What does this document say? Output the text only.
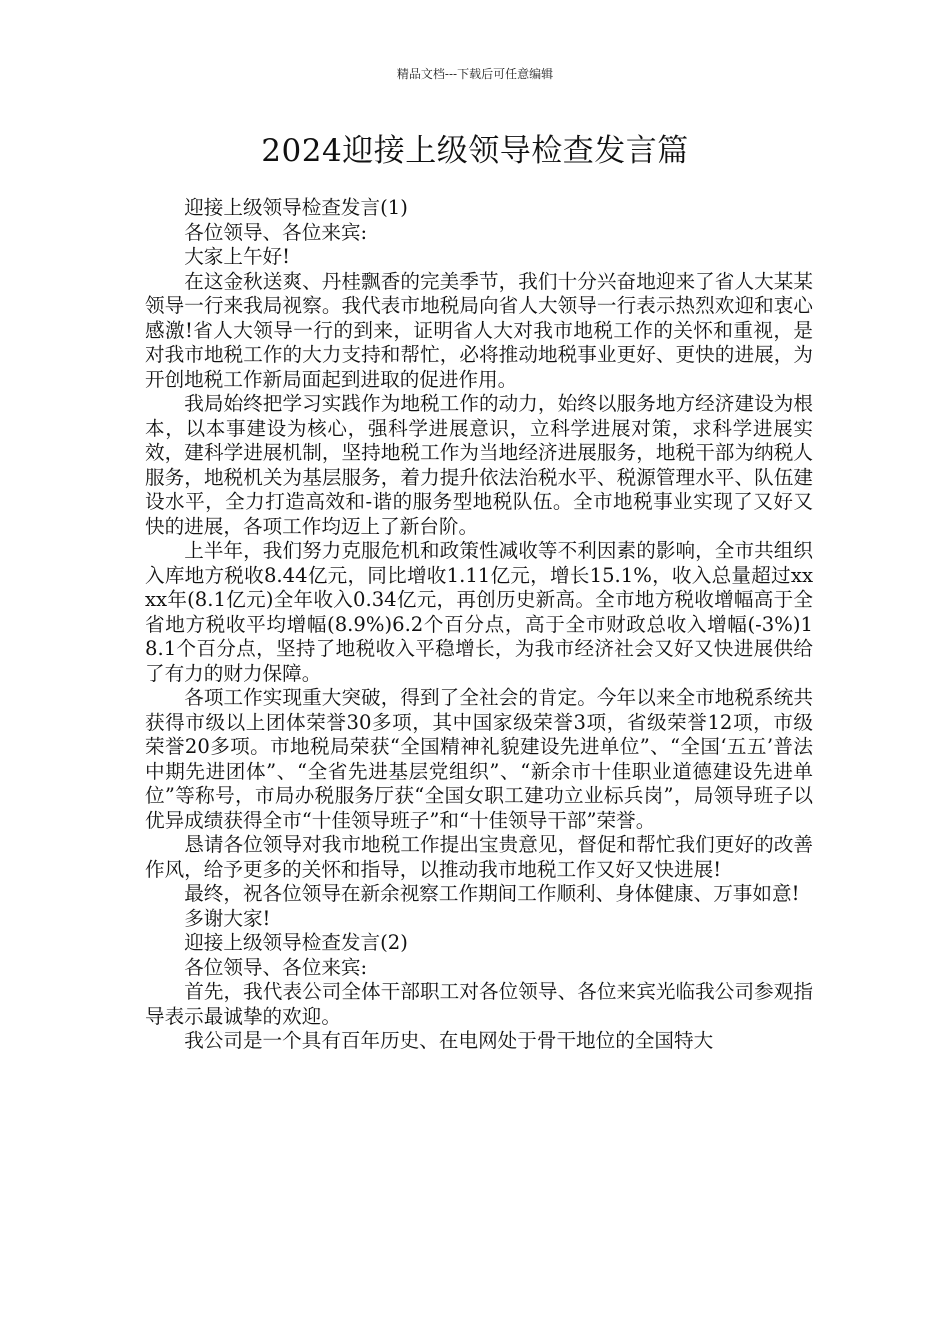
精品文档---下载后可任意编辑
2024迎接上级领导检查发言篇

迎接上级领导检查发言(1)

各位领导、各位来宾:

大家上午好!

在这金秋送爽、丹桂飘香的完美季节，我们十分兴奋地迎来了省人大某某领导一行来我局视察。我代表市地税局向省人大领导一行表示热烈欢迎和衷心感激!省人大领导一行的到来，证明省人大对我市地税工作的关怀和重视，是对我市地税工作的大力支持和帮忙，必将推动地税事业更好、更快的进展，为开创地税工作新局面起到进取的促进作用。

我局始终把学习实践作为地税工作的动力，始终以服务地方经济建设为根本，以本事建设为核心，强科学进展意识，立科学进展对策，求科学进展实效，建科学进展机制，坚持地税工作为当地经济进展服务，地税干部为纳税人服务，地税机关为基层服务，着力提升依法治税水平、税源管理水平、队伍建设水平，全力打造高效和-谐的服务型地税队伍。全市地税事业实现了又好又快的进展，各项工作均迈上了新台阶。

上半年，我们努力克服危机和政策性减收等不利因素的影响，全市共组织入库地方税收8.44亿元，同比增收1.11亿元，增长15.1%，收入总量超过xxxx年(8.1亿元)全年收入0.34亿元，再创历史新高。全市地方税收增幅高于全省地方税收平均增幅(8.9%)6.2个百分点，高于全市财政总收入增幅(-3%)18.1个百分点，坚持了地税收入平稳增长，为我市经济社会又好又快进展供给了有力的财力保障。

各项工作实现重大突破，得到了全社会的肯定。今年以来全市地税系统共获得市级以上团体荣誉30多项，其中国家级荣誉3项，省级荣誉12项，市级荣誉20多项。市地税局荣获“全国精神礼貌建设先进单位”、“全国‘五五’普法中期先进团体”、“全省先进基层党组织”、“新余市十佳职业道德建设先进单位”等称号，市局办税服务厅获“全国女职工建功立业标兵岗”，局领导班子以优异成绩获得全市“十佳领导班子”和“十佳领导干部”荣誉。

恳请各位领导对我市地税工作提出宝贵意见，督促和帮忙我们更好的改善作风，给予更多的关怀和指导，以推动我市地税工作又好又快进展!

最终，祝各位领导在新余视察工作期间工作顺利、身体健康、万事如意!

多谢大家!

迎接上级领导检查发言(2)

各位领导、各位来宾:

首先，我代表公司全体干部职工对各位领导、各位来宾光临我公司参观指导表示最诚挚的欢迎。

我公司是一个具有百年历史、在电网处于骨干地位的全国特大
